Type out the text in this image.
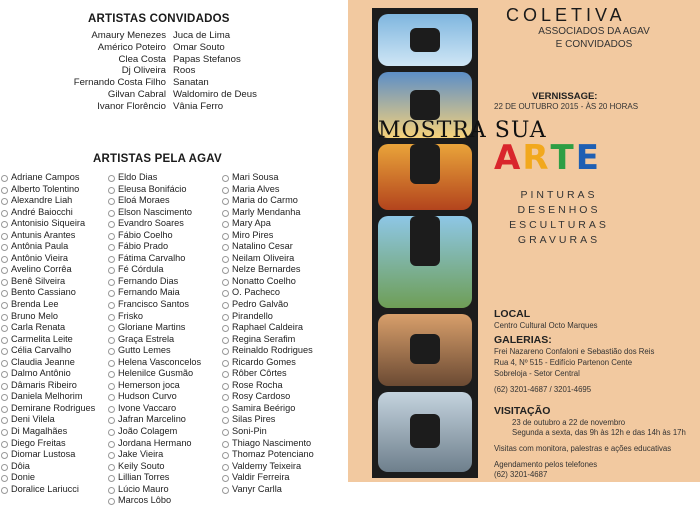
ARTISTAS CONVIDADOS
Amaury Menezes
Américo Poteiro
Clea Costa
Dj Oliveira
Fernando Costa Filho
Gilvan Cabral
Ivanor Florêncio
Juca de Lima
Omar Souto
Papas Stefanos
Roos
Sanatan
Waldomiro de Deus
Vânia Ferro
ARTISTAS PELA AGAV
Adriane Campos
Alberto Tolentino
Alexandre Liah
André Baiocchi
Antonisio Siqueira
Antunis Arantes
Antônia Paula
Antônio Vieira
Avelino Corrêa
Benê Silveira
Bento Cassiano
Brenda Lee
Bruno Melo
Carla Renata
Carmelita Leite
Célia Carvalho
Claudia Jeanne
Dalmo Antônio
Dâmaris Ribeiro
Daniela Melhorim
Demirane Rodrigues
Deni Vilela
Di Magalhães
Diego Freitas
Diomar Lustosa
Dôia
Donie
Doralice Lariucci
Eldo Dias
Eleusa Bonifácio
Eloá Moraes
Elson Nascimento
Evandro Soares
Fábio Coelho
Fábio Prado
Fátima Carvalho
Fé Córdula
Fernando Dias
Fernando Maia
Francisco Santos
Frisko
Gloriane Martins
Graça Estrela
Gutto Lemes
Helena Vasconcelos
Helenilce Gusmão
Hemerson joca
Hudson Curvo
Ivone Vaccaro
Jafran Marcelino
João Colagem
Jordana Hermano
Jake Vieira
Keily Souto
Lillian Torres
Lúcio Mauro
Marcos Lôbo
Mari Sousa
Maria Alves
Maria do Carmo
Marly Mendanha
Mary Apa
Miro Pires
Natalino Cesar
Neilam Oliveira
Nelze Bernardes
Nonatto Coelho
O. Pacheco
Pedro Galvão
Pirandello
Raphael Caldeira
Regina Serafim
Reinaldo Rodrigues
Ricardo Gomes
Rôber Côrtes
Rose Rocha
Rosy Cardoso
Samira Beérigo
Silas Pires
Soni-Pin
Thiago Nascimento
Thomaz Potenciano
Valdemy Teixeira
Valdir Ferreira
Vanyr Carlla
COLETIVA
ASSOCIADOS DA AGAV
E CONVIDADOS
VERNISSAGE:
22 DE OUTUBRO 2015 - ÀS 20 HORAS
MOSTRA SUA
ARTE
PINTURAS
DESENHOS
ESCULTURAS
GRAVURAS
LOCAL
Centro Cultural Octo Marques
GALERIAS:
Frei Nazareno Confaloni e Sebastião dos Reis
Rua 4, Nº 515 - Edifício Partenon Cente
Sobreloja - Setor Central
(62) 3201-4687 / 3201-4695
VISITAÇÃO
23 de outubro a 22 de novembro
Segunda a sexta, das 9h às 12h e das 14h às 17h
Visitas com monitora, palestras e ações educativas
Agendamento pelos telefones
(62) 3201-4687
